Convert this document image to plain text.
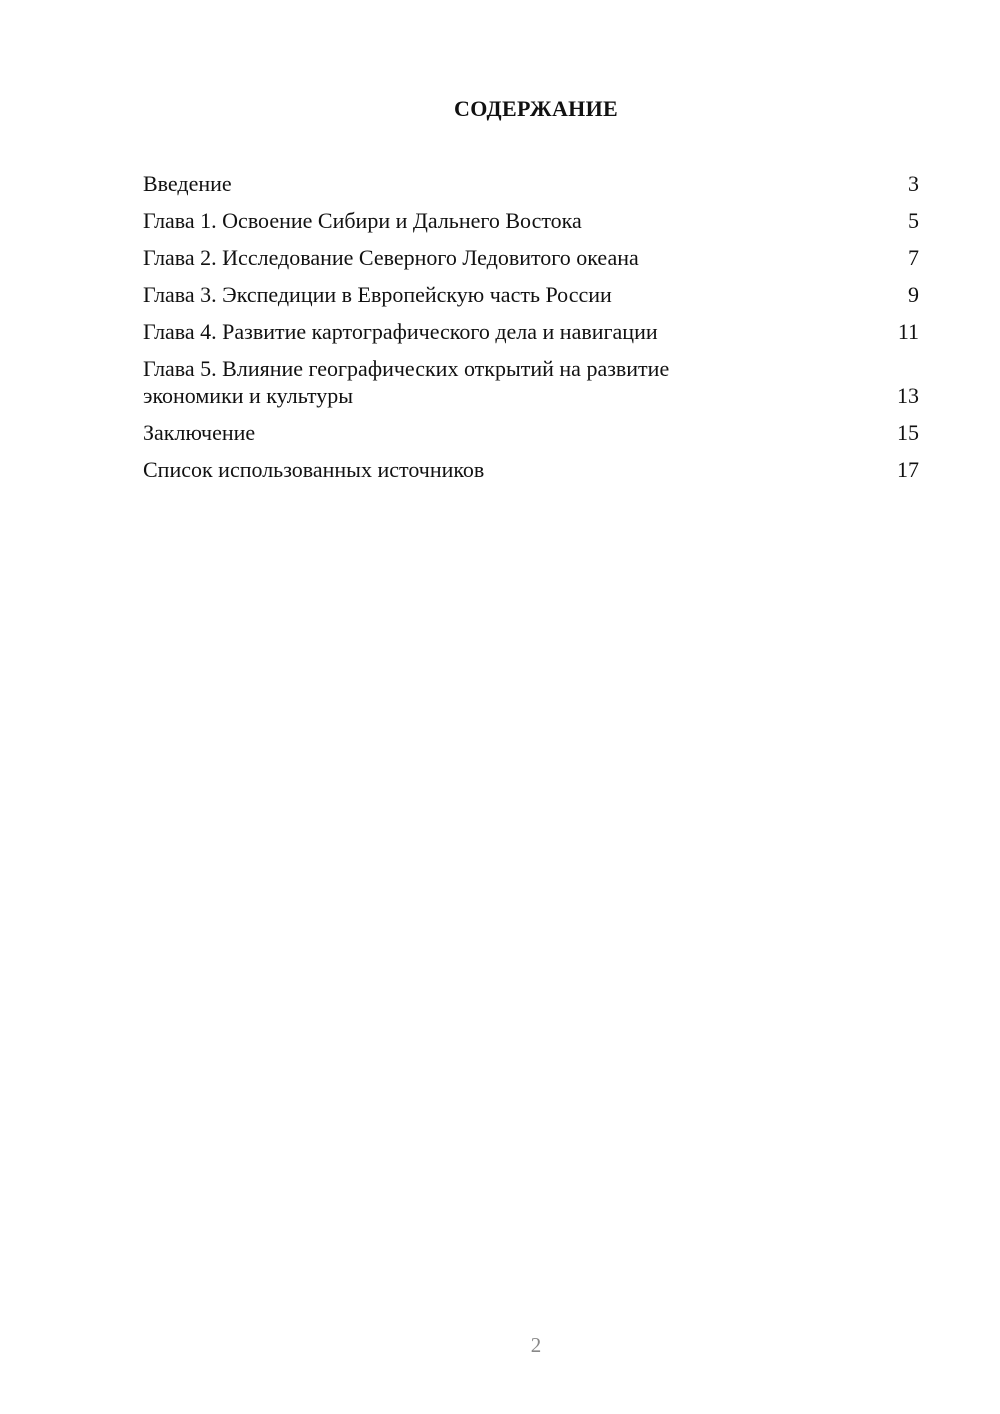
СОДЕРЖАНИЕ
Введение	3
Глава 1. Освоение Сибири и Дальнего Востока	5
Глава 2. Исследование Северного Ледовитого океана	7
Глава 3. Экспедиции в Европейскую часть России	9
Глава 4. Развитие картографического дела и навигации	11
Глава 5. Влияние географических открытий на развитие экономики и культуры	13
Заключение	15
Список использованных источников	17
2
